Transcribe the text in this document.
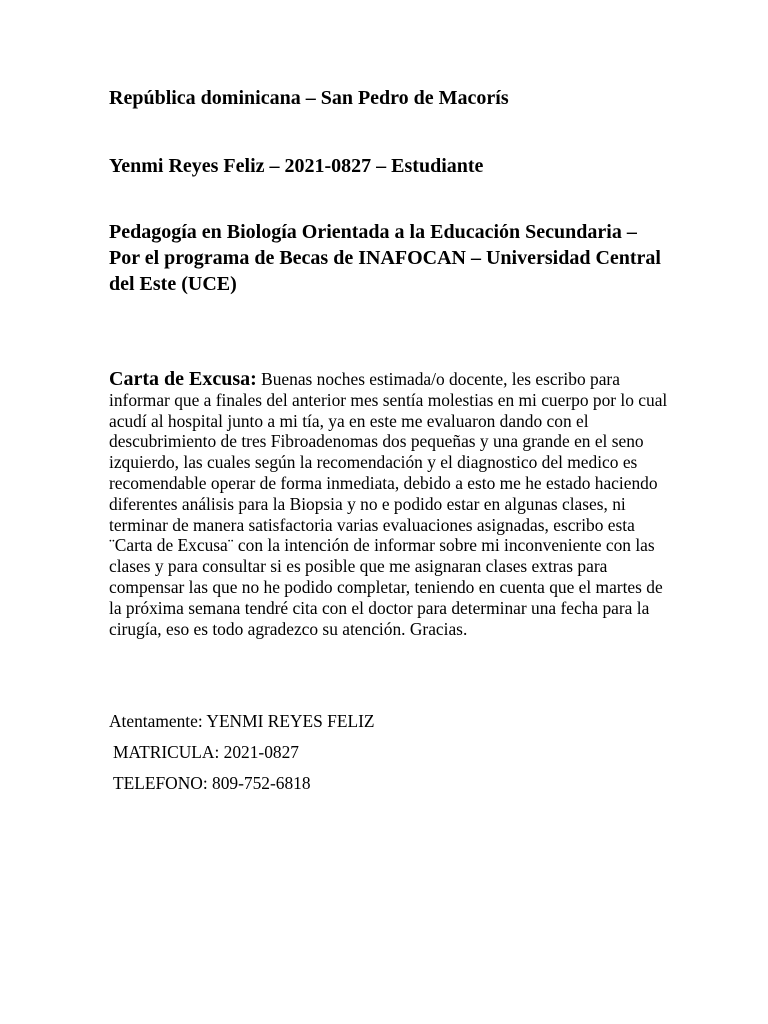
República dominicana – San Pedro de Macorís
Yenmi Reyes Feliz – 2021-0827 – Estudiante
Pedagogía en Biología Orientada a la Educación Secundaria – Por el programa de Becas de INAFOCAN – Universidad Central del Este (UCE)

Carta de Excusa: Buenas noches estimada/o docente, les escribo para informar que a finales del anterior mes sentía molestias en mi cuerpo por lo cual acudí al hospital junto a mi tía, ya en este me evaluaron dando con el descubrimiento de tres Fibroadenomas dos pequeñas y una grande en el seno izquierdo, las cuales según la recomendación y el diagnostico del medico es recomendable operar de forma inmediata, debido a esto me he estado haciendo diferentes análisis para la Biopsia y no e podido estar en algunas clases, ni terminar de manera satisfactoria varias evaluaciones asignadas, escribo esta ¨Carta de Excusa¨ con la intención de informar sobre mi inconveniente con las clases y para consultar si es posible que me asignaran clases extras para compensar las que no he podido completar, teniendo en cuenta que el martes de la próxima semana tendré cita con el doctor para determinar una fecha para la cirugía, eso es todo agradezco su atención. Gracias.

Atentamente: YENMI REYES FELIZ

MATRICULA: 2021-0827

TELEFONO: 809-752-6818
